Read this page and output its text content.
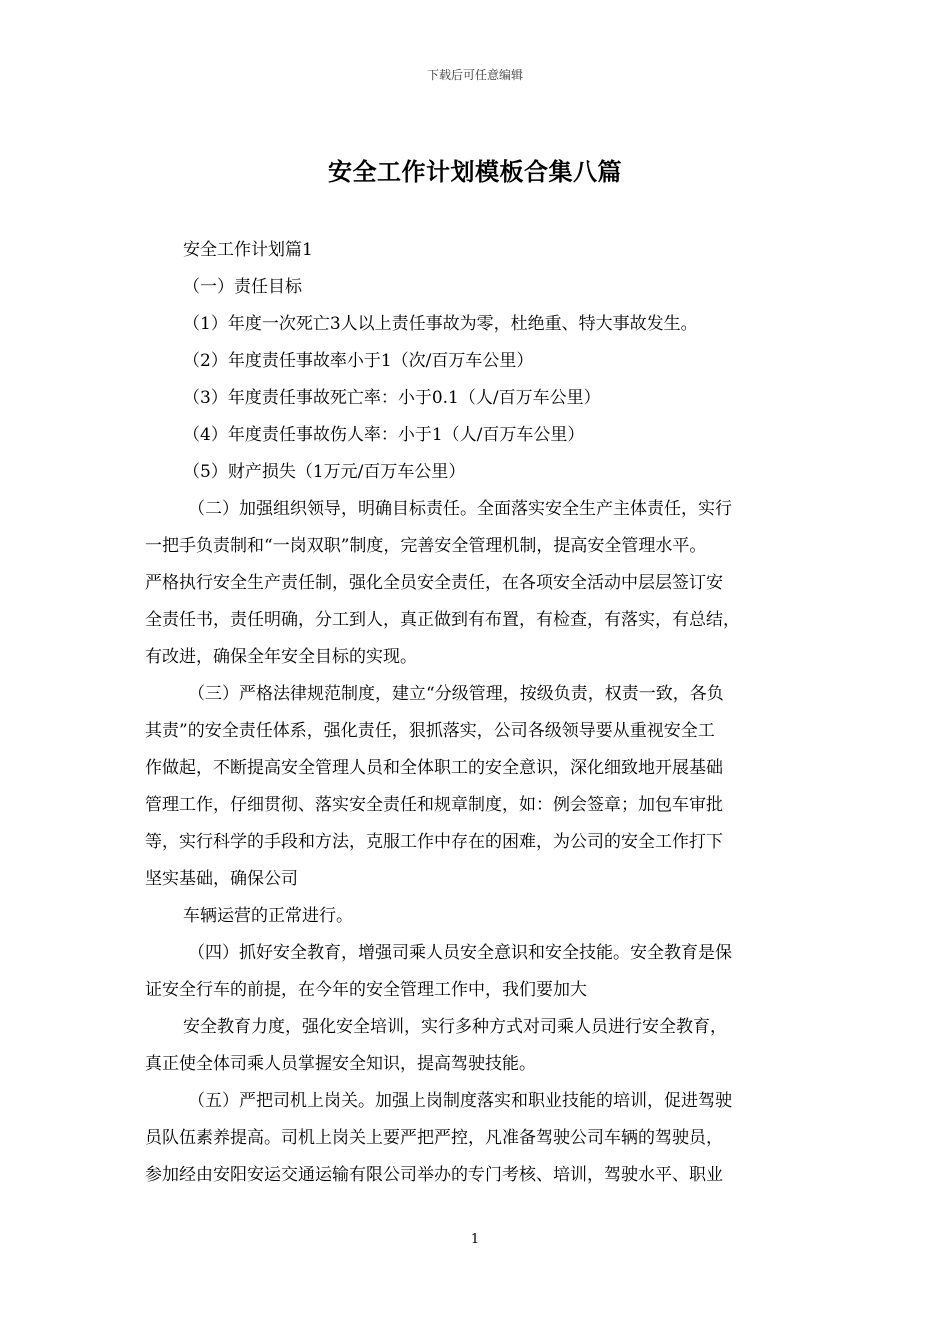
下载后可任意编辑
安全工作计划模板合集八篇
安全工作计划篇1
（一）责任目标
（1）年度一次死亡3人以上责任事故为零，杜绝重、特大事故发生。
（2）年度责任事故率小于1（次/百万车公里）
（3）年度责任事故死亡率：小于0.1（人/百万车公里）
（4）年度责任事故伤人率：小于1（人/百万车公里）
（5）财产损失（1万元/百万车公里）
（二）加强组织领导，明确目标责任。全面落实安全生产主体责任，实行
一把手负责制和“一岗双职”制度，完善安全管理机制，提高安全管理水平。
严格执行安全生产责任制，强化全员安全责任，在各项安全活动中层层签订安
全责任书，责任明确，分工到人，真正做到有布置，有检查，有落实，有总结，
有改进，确保全年安全目标的实现。
（三）严格法律规范制度，建立“分级管理，按级负责，权责一致，各负
其责”的安全责任体系，强化责任，狠抓落实，公司各级领导要从重视安全工
作做起，不断提高安全管理人员和全体职工的安全意识，深化细致地开展基础
管理工作，仔细贯彻、落实安全责任和规章制度，如：例会签章；加包车审批
等，实行科学的手段和方法，克服工作中存在的困难，为公司的安全工作打下
坚实基础，确保公司
车辆运营的正常进行。
（四）抓好安全教育，增强司乘人员安全意识和安全技能。安全教育是保
证安全行车的前提，在今年的安全管理工作中，我们要加大
安全教育力度，强化安全培训，实行多种方式对司乘人员进行安全教育，
真正使全体司乘人员掌握安全知识，提高驾驶技能。
（五）严把司机上岗关。加强上岗制度落实和职业技能的培训，促进驾驶
员队伍素养提高。司机上岗关上要严把严控，凡准备驾驶公司车辆的驾驶员，
参加经由安阳安运交通运输有限公司举办的专门考核、培训，驾驶水平、职业
1
